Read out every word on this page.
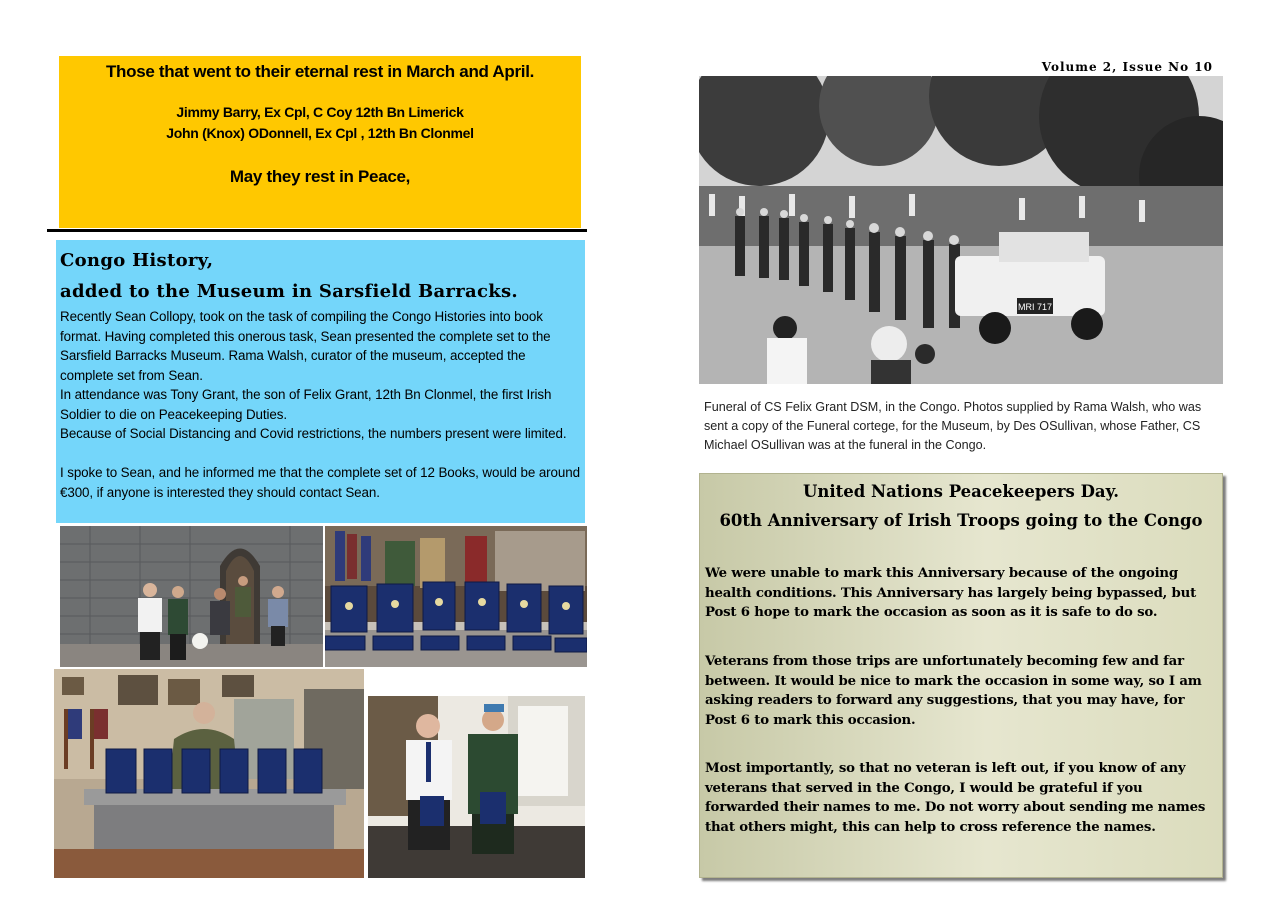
Those that went to their eternal rest in March and April.
Jimmy Barry, Ex Cpl, C Coy 12th Bn Limerick
John (Knox) ODonnell, Ex Cpl , 12th Bn Clonmel
May they rest in Peace,
Congo History,
added to the Museum in Sarsfield Barracks.

Recently Sean Collopy, took on the task of compiling the Congo Histories into book format. Having completed this onerous task, Sean presented the complete set to the Sarsfield Barracks Museum. Rama Walsh, curator of the museum, accepted the complete set from Sean.

In attendance was Tony Grant, the son of Felix Grant, 12th Bn Clonmel, the first Irish Soldier to die on Peacekeeping Duties.

Because of Social Distancing and Covid restrictions, the numbers present were limited.

I spoke to Sean, and he informed me that the complete set of 12 Books, would be around €300, if anyone is interested they should contact Sean.

Volume 2, Issue No 10
MRI 717

Funeral of CS Felix Grant DSM, in the Congo. Photos supplied by Rama Walsh, who was sent a copy of the Funeral cortege, for the Museum, by Des OSullivan, whose Father, CS Michael OSullivan was at the funeral in the Congo.

United Nations Peacekeepers Day.
60th Anniversary of Irish Troops going to the Congo

We were unable to mark this Anniversary because of the ongoing health conditions. This Anniversary has largely being bypassed, but Post 6 hope to mark the occasion as soon as it is safe to do so.

Veterans from those trips are unfortunately becoming few and far between. It would be nice to mark the occasion in some way, so I am asking readers to forward any suggestions, that you may have, for Post 6 to mark this occasion.

Most importantly, so that no veteran is left out, if you know of any veterans that served in the Congo, I would be grateful if you forwarded their names to me. Do not worry about sending me names that others might, this can help to cross reference the names.
